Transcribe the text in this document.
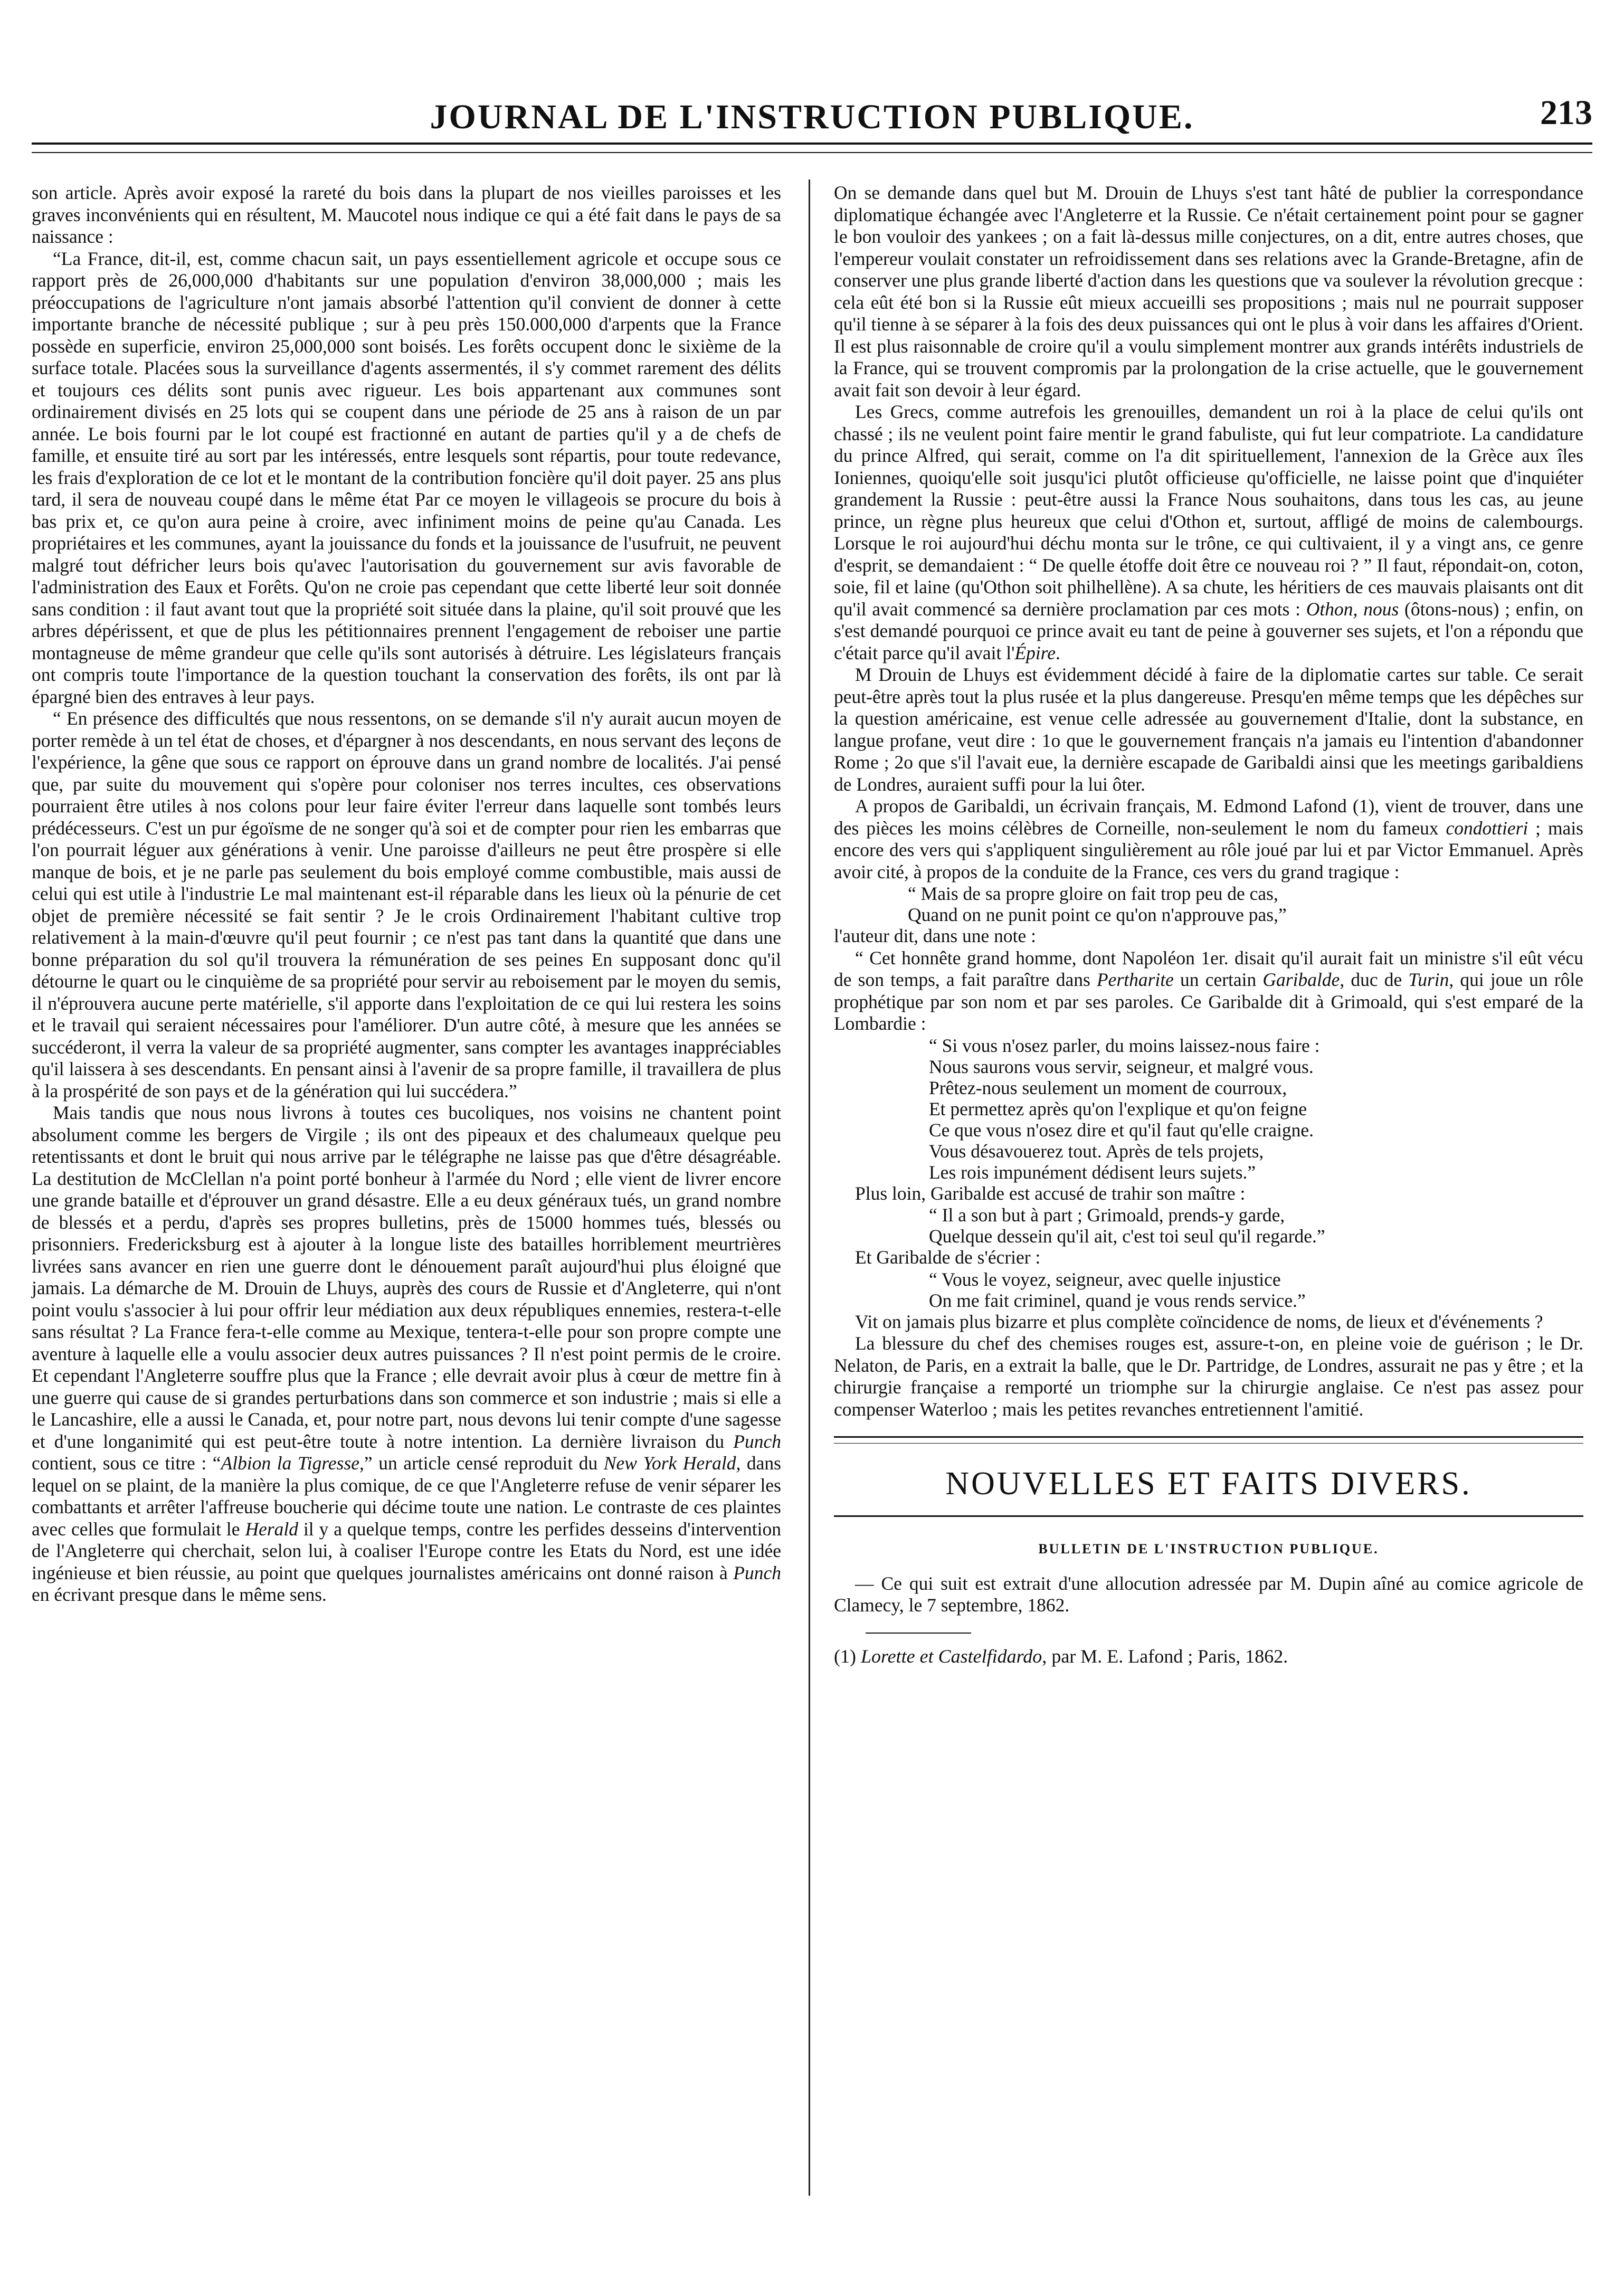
JOURNAL DE L'INSTRUCTION PUBLIQUE.	213

son article. Après avoir exposé la rareté du bois dans la plupart de nos vieilles paroisses et les graves inconvénients qui en résultent, M. Maucotel nous indique ce qui a été fait dans le pays de sa naissance :

“La France, dit-il, est, comme chacun sait, un pays essentiellement agricole et occupe sous ce rapport près de 26,000,000 d'habitants sur une population d'environ 38,000,000 ; mais les préoccupations de l'agriculture n'ont jamais absorbé l'attention qu'il convient de donner à cette importante branche de nécessité publique ; sur à peu près 150.000,000 d'arpents que la France possède en superficie, environ 25,000,000 sont boisés. Les forêts occupent donc le sixième de la surface totale. Placées sous la surveillance d'agents assermentés, il s'y commet rarement des délits et toujours ces délits sont punis avec rigueur. Les bois appartenant aux communes sont ordinairement divisés en 25 lots qui se coupent dans une période de 25 ans à raison de un par année. Le bois fourni par le lot coupé est fractionné en autant de parties qu'il y a de chefs de famille, et ensuite tiré au sort par les intéressés, entre lesquels sont répartis, pour toute redevance, les frais d'exploration de ce lot et le montant de la contribution foncière qu'il doit payer. 25 ans plus tard, il sera de nouveau coupé dans le même état Par ce moyen le villageois se procure du bois à bas prix et, ce qu'on aura peine à croire, avec infiniment moins de peine qu'au Canada. Les propriétaires et les communes, ayant la jouissance du fonds et la jouissance de l'usufruit, ne peuvent malgré tout défricher leurs bois qu'avec l'autorisation du gouvernement sur avis favorable de l'administration des Eaux et Forêts. Qu'on ne croie pas cependant que cette liberté leur soit donnée sans condition : il faut avant tout que la propriété soit située dans la plaine, qu'il soit prouvé que les arbres dépérissent, et que de plus les pétitionnaires prennent l'engagement de reboiser une partie montagneuse de même grandeur que celle qu'ils sont autorisés à détruire. Les législateurs français ont compris toute l'importance de la question touchant la conservation des forêts, ils ont par là épargné bien des entraves à leur pays.

“ En présence des difficultés que nous ressentons, on se demande s'il n'y aurait aucun moyen de porter remède à un tel état de choses, et d'épargner à nos descendants, en nous servant des leçons de l'expérience, la gêne que sous ce rapport on éprouve dans un grand nombre de localités. J'ai pensé que, par suite du mouvement qui s'opère pour coloniser nos terres incultes, ces observations pourraient être utiles à nos colons pour leur faire éviter l'erreur dans laquelle sont tombés leurs prédécesseurs. C'est un pur égoïsme de ne songer qu'à soi et de compter pour rien les embarras que l'on pourrait léguer aux générations à venir. Une paroisse d'ailleurs ne peut être prospère si elle manque de bois, et je ne parle pas seulement du bois employé comme combustible, mais aussi de celui qui est utile à l'industrie Le mal maintenant est-il réparable dans les lieux où la pénurie de cet objet de première nécessité se fait sentir ? Je le crois Ordinairement l'habitant cultive trop relativement à la main-d'œuvre qu'il peut fournir ; ce n'est pas tant dans la quantité que dans une bonne préparation du sol qu'il trouvera la rémunération de ses peines En supposant donc qu'il détourne le quart ou le cinquième de sa propriété pour servir au reboisement par le moyen du semis, il n'éprouvera aucune perte matérielle, s'il apporte dans l'exploitation de ce qui lui restera les soins et le travail qui seraient nécessaires pour l'améliorer. D'un autre côté, à mesure que les années se succéderont, il verra la valeur de sa propriété augmenter, sans compter les avantages inappréciables qu'il laissera à ses descendants. En pensant ainsi à l'avenir de sa propre famille, il travaillera de plus à la prospérité de son pays et de la génération qui lui succédera.”

Mais tandis que nous nous livrons à toutes ces bucoliques, nos voisins ne chantent point absolument comme les bergers de Virgile ; ils ont des pipeaux et des chalumeaux quelque peu retentissants et dont le bruit qui nous arrive par le télégraphe ne laisse pas que d'être désagréable. La destitution de McClellan n'a point porté bonheur à l'armée du Nord ; elle vient de livrer encore une grande bataille et d'éprouver un grand désastre. Elle a eu deux généraux tués, un grand nombre de blessés et a perdu, d'après ses propres bulletins, près de 15000 hommes tués, blessés ou prisonniers. Fredericksburg est à ajouter à la longue liste des batailles horriblement meurtrières livrées sans avancer en rien une guerre dont le dénouement paraît aujourd'hui plus éloigné que jamais. La démarche de M. Drouin de Lhuys, auprès des cours de Russie et d'Angleterre, qui n'ont point voulu s'associer à lui pour offrir leur médiation aux deux républiques ennemies, restera-t-elle sans résultat ? La France fera-t-elle comme au Mexique, tentera-t-elle pour son propre compte une aventure à laquelle elle a voulu associer deux autres puissances ? Il n'est point permis de le croire. Et cependant l'Angleterre souffre plus que la France ; elle devrait avoir plus à cœur de mettre fin à une guerre qui cause de si grandes perturbations dans son commerce et son industrie ; mais si elle a le Lancashire, elle a aussi le Canada, et, pour notre part, nous devons lui tenir compte d'une sagesse et d'une longanimité qui est peut-être toute à notre intention. La dernière livraison du Punch contient, sous ce titre : “Albion la Tigresse,” un article censé reproduit du New York Herald, dans lequel on se plaint, de la manière la plus comique, de ce que l'Angleterre refuse de venir séparer les combattants et arrêter l'affreuse boucherie qui décime toute une nation. Le contraste de ces plaintes avec celles que formulait le Herald il y a quelque temps, contre les perfides desseins d'intervention de l'Angleterre qui cherchait, selon lui, à coaliser l'Europe contre les Etats du Nord, est une idée ingénieuse et bien réussie, au point que quelques journalistes américains ont donné raison à Punch en écrivant presque dans le même sens.

On se demande dans quel but M. Drouin de Lhuys s'est tant hâté de publier la correspondance diplomatique échangée avec l'Angleterre et la Russie. Ce n'était certainement point pour se gagner le bon vouloir des yankees ; on a fait là-dessus mille conjectures, on a dit, entre autres choses, que l'empereur voulait constater un refroidissement dans ses relations avec la Grande-Bretagne, afin de conserver une plus grande liberté d'action dans les questions que va soulever la révolution grecque : cela eût été bon si la Russie eût mieux accueilli ses propositions ; mais nul ne pourrait supposer qu'il tienne à se séparer à la fois des deux puissances qui ont le plus à voir dans les affaires d'Orient. Il est plus raisonnable de croire qu'il a voulu simplement montrer aux grands intérêts industriels de la France, qui se trouvent compromis par la prolongation de la crise actuelle, que le gouvernement avait fait son devoir à leur égard.

Les Grecs, comme autrefois les grenouilles, demandent un roi à la place de celui qu'ils ont chassé ; ils ne veulent point faire mentir le grand fabuliste, qui fut leur compatriote. La candidature du prince Alfred, qui serait, comme on l'a dit spirituellement, l'annexion de la Grèce aux îles Ioniennes, quoiqu'elle soit jusqu'ici plutôt officieuse qu'officielle, ne laisse point que d'inquiéter grandement la Russie : peut-être aussi la France Nous souhaitons, dans tous les cas, au jeune prince, un règne plus heureux que celui d'Othon et, surtout, affligé de moins de calembourgs. Lorsque le roi aujourd'hui déchu monta sur le trône, ce qui cultivaient, il y a vingt ans, ce genre d'esprit, se demandaient : “ De quelle étoffe doit être ce nouveau roi ? ” Il faut, répondait-on, coton, soie, fil et laine (qu'Othon soit philhellène). A sa chute, les héritiers de ces mauvais plaisants ont dit qu'il avait commencé sa dernière proclamation par ces mots : Othon, nous (ôtons-nous) ; enfin, on s'est demandé pourquoi ce prince avait eu tant de peine à gouverner ses sujets, et l'on a répondu que c'était parce qu'il avait l'Épire.

M Drouin de Lhuys est évidemment décidé à faire de la diplomatie cartes sur table. Ce serait peut-être après tout la plus rusée et la plus dangereuse. Presqu'en même temps que les dépêches sur la question américaine, est venue celle adressée au gouvernement d'Italie, dont la substance, en langue profane, veut dire : 1o que le gouvernement français n'a jamais eu l'intention d'abandonner Rome ; 2o que s'il l'avait eue, la dernière escapade de Garibaldi ainsi que les meetings garibaldiens de Londres, auraient suffi pour la lui ôter.

A propos de Garibaldi, un écrivain français, M. Edmond Lafond (1), vient de trouver, dans une des pièces les moins célèbres de Corneille, non-seulement le nom du fameux condottieri ; mais encore des vers qui s'appliquent singulièrement au rôle joué par lui et par Victor Emmanuel. Après avoir cité, à propos de la conduite de la France, ces vers du grand tragique :

“ Mais de sa propre gloire on fait trop peu de cas,
Quand on ne punit point ce qu'on n'approuve pas,”

l'auteur dit, dans une note :

“ Cet honnête grand homme, dont Napoléon 1er. disait qu'il aurait fait un ministre s'il eût vécu de son temps, a fait paraître dans Pertharite un certain Garibalde, duc de Turin, qui joue un rôle prophétique par son nom et par ses paroles. Ce Garibalde dit à Grimoald, qui s'est emparé de la Lombardie :

“ Si vous n'osez parler, du moins laissez-nous faire :
Nous saurons vous servir, seigneur, et malgré vous.
Prêtez-nous seulement un moment de courroux,
Et permettez après qu'on l'explique et qu'on feigne
Ce que vous n'osez dire et qu'il faut qu'elle craigne.
Vous désavouerez tout. Après de tels projets,
Les rois impunément dédisent leurs sujets.”

Plus loin, Garibalde est accusé de trahir son maître :

“ Il a son but à part ; Grimoald, prends-y garde,
Quelque dessein qu'il ait, c'est toi seul qu'il regarde.”

Et Garibalde de s'écrier :

“ Vous le voyez, seigneur, avec quelle injustice
On me fait criminel, quand je vous rends service.”

Vit on jamais plus bizarre et plus complète coïncidence de noms, de lieux et d'événements ?

La blessure du chef des chemises rouges est, assure-t-on, en pleine voie de guérison ; le Dr. Nelaton, de Paris, en a extrait la balle, que le Dr. Partridge, de Londres, assurait ne pas y être ; et la chirurgie française a remporté un triomphe sur la chirurgie anglaise. Ce n'est pas assez pour compenser Waterloo ; mais les petites revanches entretiennent l'amitié.

NOUVELLES ET FAITS DIVERS.
BULLETIN DE L'INSTRUCTION PUBLIQUE.

— Ce qui suit est extrait d'une allocution adressée par M. Dupin aîné au comice agricole de Clamecy, le 7 septembre, 1862.

(1) Lorette et Castelfidardo, par M. E. Lafond ; Paris, 1862.
